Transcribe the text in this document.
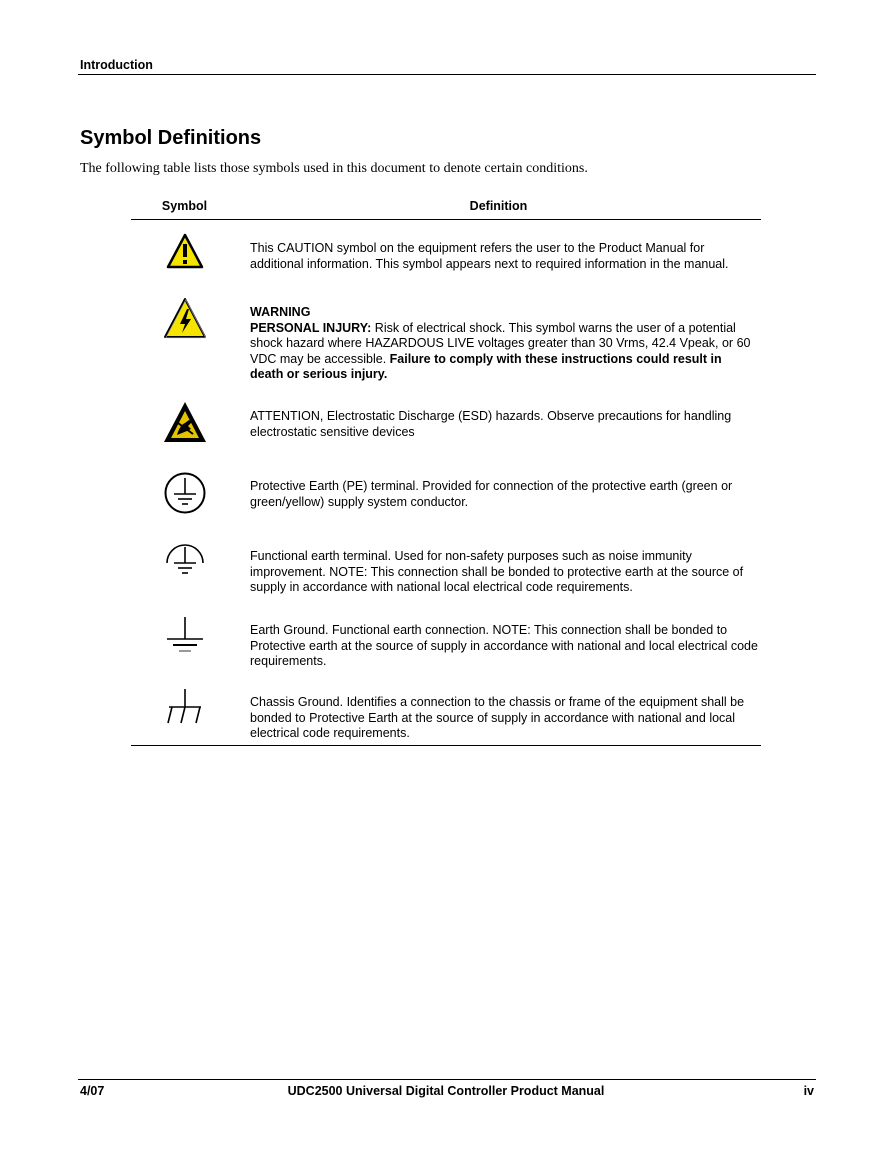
Introduction
Symbol Definitions

The following table lists those symbols used in this document to denote certain conditions.

Symbol	Definition
This CAUTION symbol on the equipment refers the user to the Product Manual for additional information. This symbol appears next to required information in the manual.
WARNING
PERSONAL INJURY: Risk of electrical shock. This symbol warns the user of a potential shock hazard where HAZARDOUS LIVE voltages greater than 30 Vrms, 42.4 Vpeak, or 60 VDC may be accessible. Failure to comply with these instructions could result in death or serious injury.
ATTENTION, Electrostatic Discharge (ESD) hazards. Observe precautions for handling electrostatic sensitive devices
Protective Earth (PE) terminal. Provided for connection of the protective earth (green or green/yellow) supply system conductor.
Functional earth terminal. Used for non-safety purposes such as noise immunity improvement. NOTE: This connection shall be bonded to protective earth at the source of supply in accordance with national local electrical code requirements.
Earth Ground. Functional earth connection. NOTE: This connection shall be bonded to Protective earth at the source of supply in accordance with national and local electrical code requirements.
Chassis Ground. Identifies a connection to the chassis or frame of the equipment shall be bonded to Protective Earth at the source of supply in accordance with national and local electrical code requirements.
UDC2500 Universal Digital Controller Product Manual
4/07	iv
